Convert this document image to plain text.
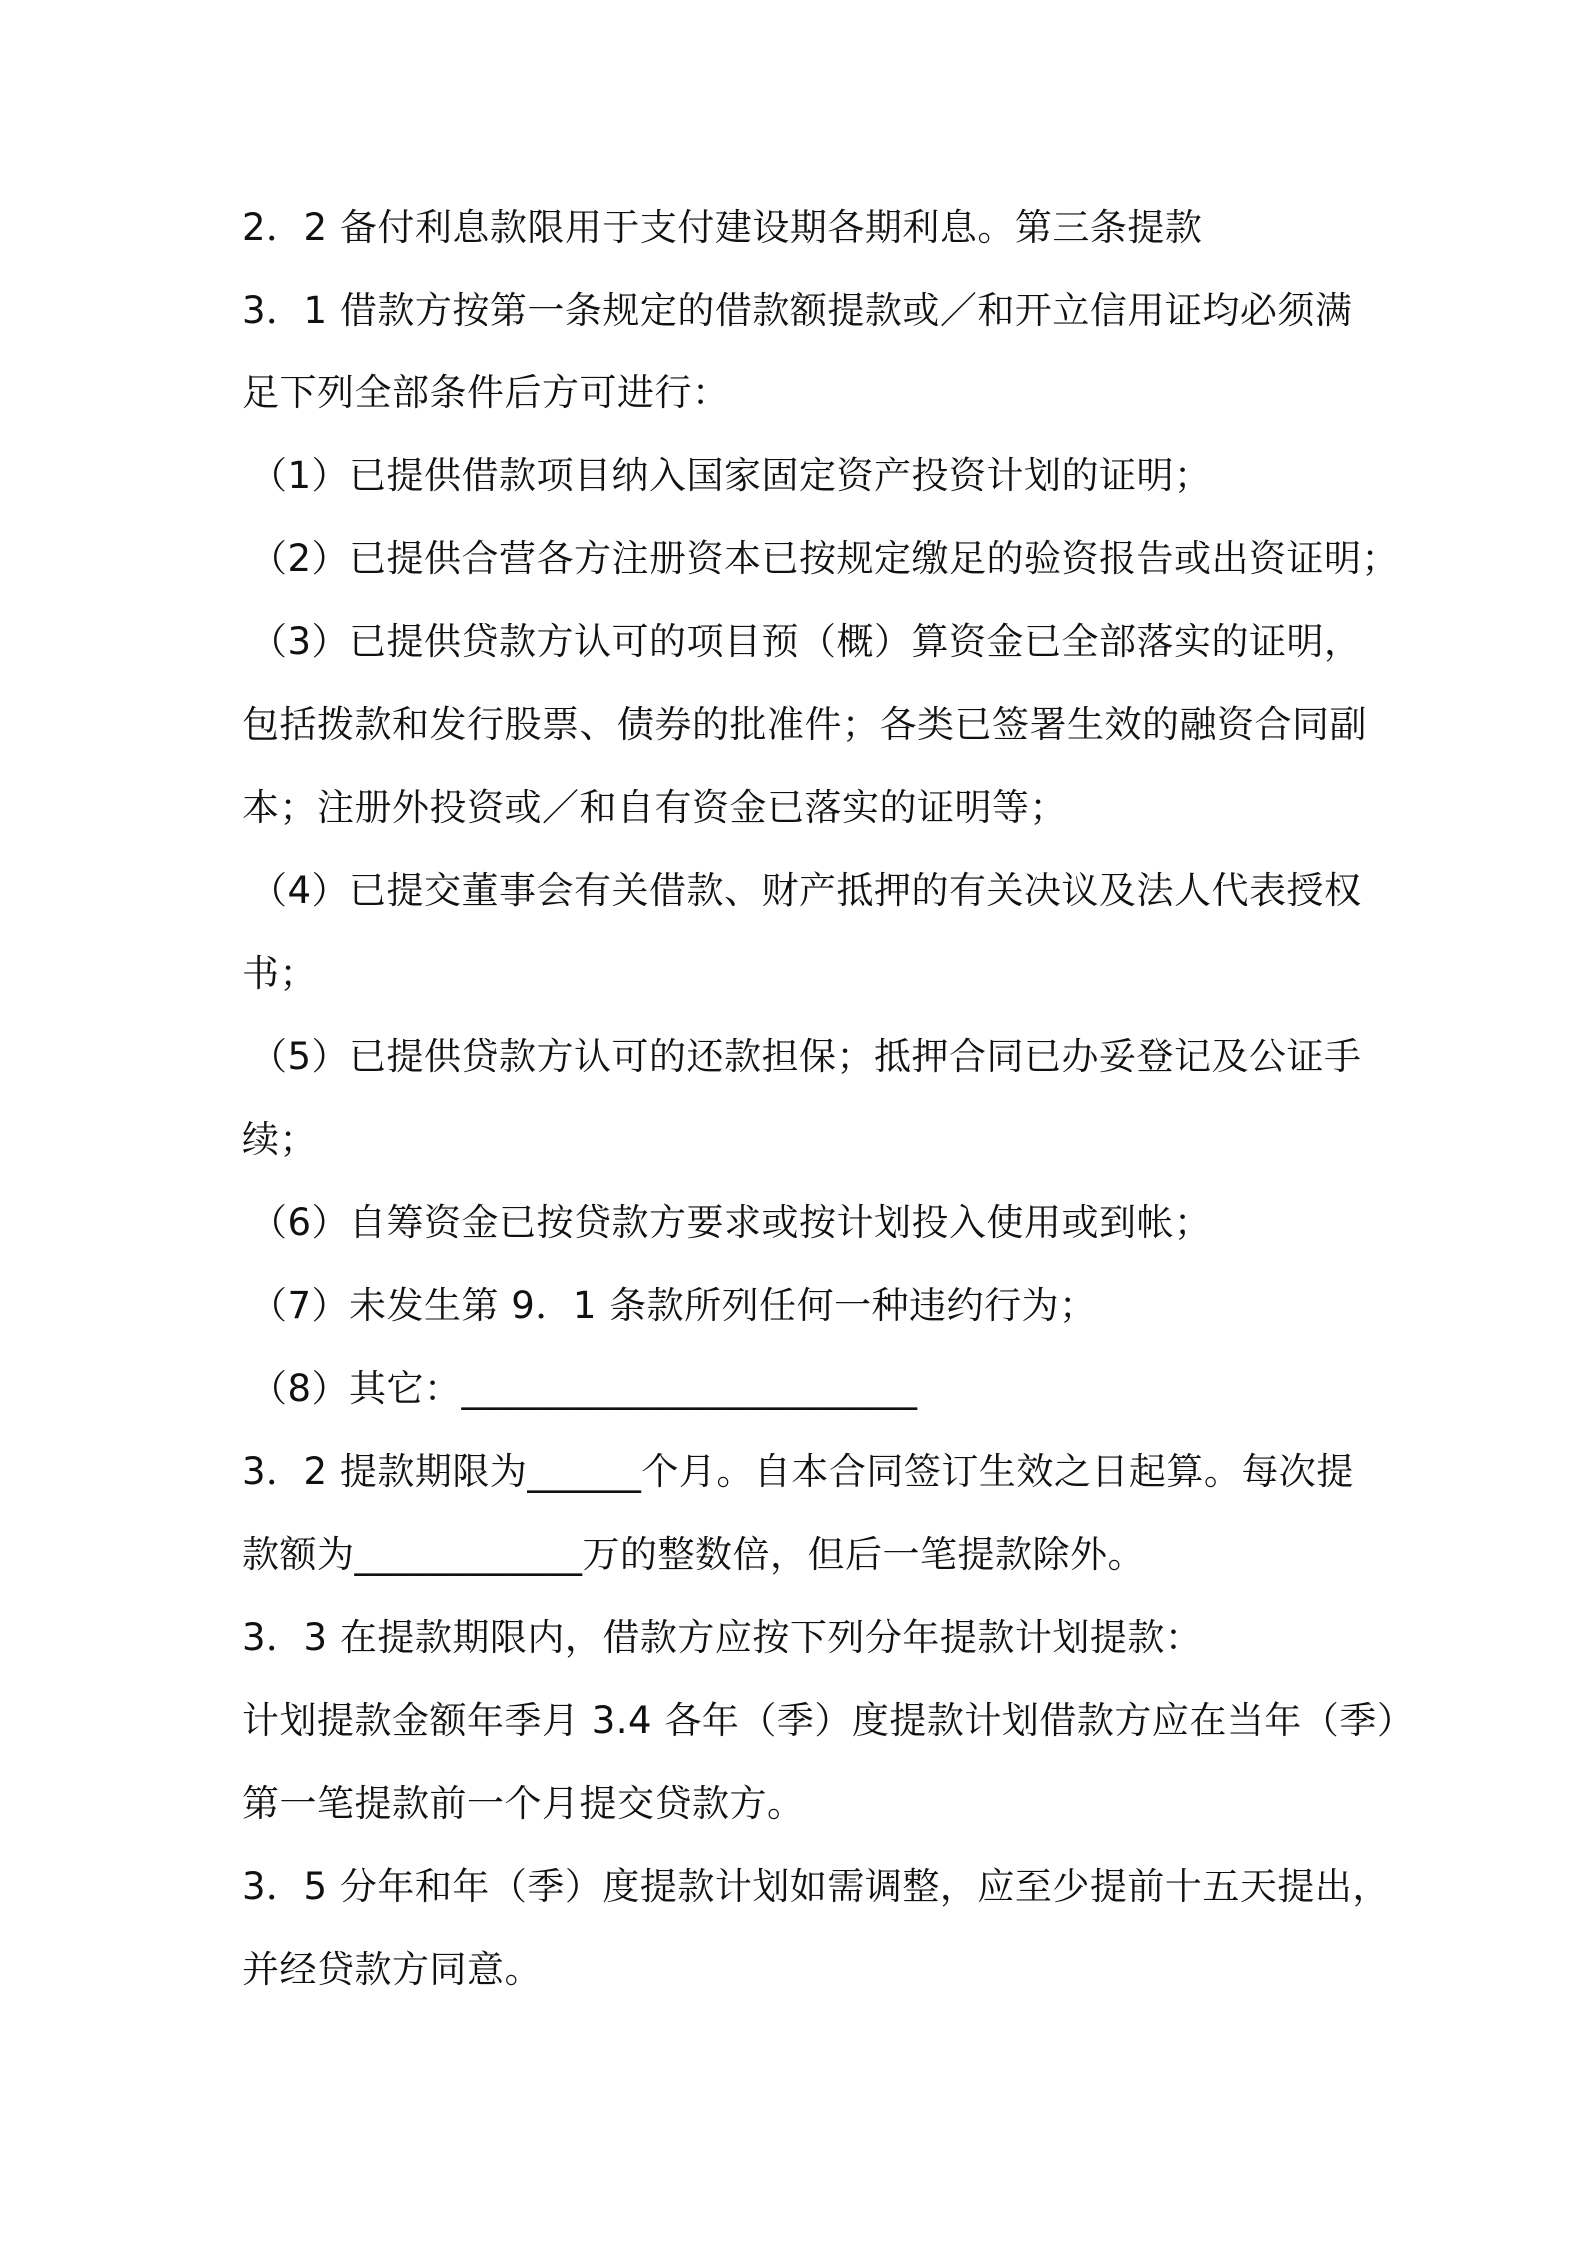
2．2 备付利息款限用于支付建设期各期利息。第三条提款
3．1 借款方按第一条规定的借款额提款或／和开立信用证均必须满
足下列全部条件后方可进行：
（1）已提供借款项目纳入国家固定资产投资计划的证明；
（2）已提供合营各方注册资本已按规定缴足的验资报告或出资证明；
（3）已提供贷款方认可的项目预（概）算资金已全部落实的证明，
包括拨款和发行股票、债券的批准件；各类已签署生效的融资合同副
本；注册外投资或／和自有资金已落实的证明等；
（4）已提交董事会有关借款、财产抵押的有关决议及法人代表授权
书；
（5）已提供贷款方认可的还款担保；抵押合同已办妥登记及公证手
续；
（6）自筹资金已按贷款方要求或按计划投入使用或到帐；
（7）未发生第 9．1 条款所列任何一种违约行为；
（8）其它：________________________
3．2 提款期限为______个月。自本合同签订生效之日起算。每次提
款额为____________万的整数倍，但后一笔提款除外。
3．3 在提款期限内，借款方应按下列分年提款计划提款：
计划提款金额年季月 3.4 各年（季）度提款计划借款方应在当年（季）
第一笔提款前一个月提交贷款方。
3．5 分年和年（季）度提款计划如需调整，应至少提前十五天提出，
并经贷款方同意。
